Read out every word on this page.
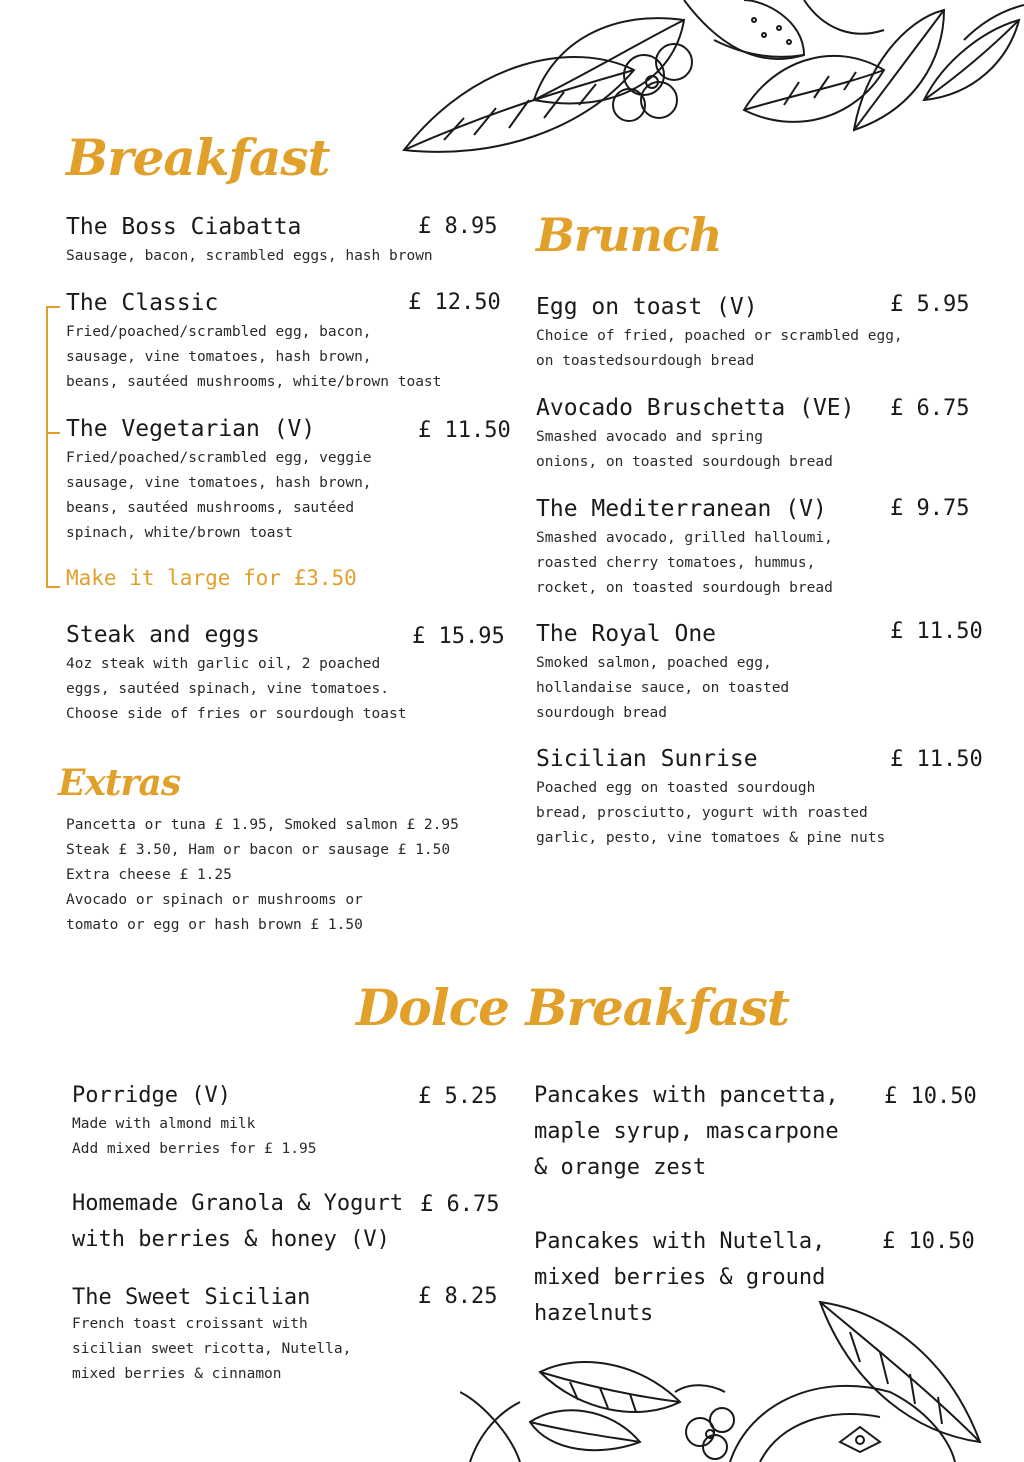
Breakfast
The Boss Ciabatta	£ 8.95
Sausage, bacon, scrambled eggs, hash brown
The Classic	£ 12.50
Fried/poached/scrambled egg, bacon,
sausage, vine tomatoes, hash brown,
beans, sautéed mushrooms, white/brown toast
The Vegetarian (V)	£ 11.50
Fried/poached/scrambled egg, veggie
sausage, vine tomatoes, hash brown,
beans, sautéed mushrooms, sautéed
spinach, white/brown toast
Make it large for £3.50
Steak and eggs	£ 15.95
4oz steak with garlic oil, 2 poached
eggs, sautéed spinach, vine tomatoes.
Choose side of fries or sourdough toast
Extras
Pancetta or tuna £ 1.95, Smoked salmon £ 2.95
Steak £ 3.50, Ham or bacon or sausage £ 1.50
Extra cheese £ 1.25
Avocado or spinach or mushrooms or
tomato or egg or hash brown £ 1.50
Brunch
Egg on toast (V)	£ 5.95
Choice of fried, poached or scrambled egg,
on toastedsourdough bread
Avocado Bruschetta (VE) £ 6.75
Smashed avocado and spring
onions, on toasted sourdough bread
The Mediterranean (V)	£ 9.75
Smashed avocado, grilled halloumi,
roasted cherry tomatoes, hummus,
rocket, on toasted sourdough bread
The Royal One	£ 11.50
Smoked salmon, poached egg,
hollandaise sauce, on toasted
sourdough bread
Sicilian Sunrise	£ 11.50
Poached egg on toasted sourdough
bread, prosciutto, yogurt with roasted
garlic, pesto, vine tomatoes & pine nuts
Dolce Breakfast
Porridge (V)	£ 5.25
Made with almond milk
Add mixed berries for £ 1.95
Homemade Granola & Yogurt
with berries & honey (V)
£ 6.75
The Sweet Sicilian	£ 8.25
French toast croissant with
sicilian sweet ricotta, Nutella,
mixed berries & cinnamon
Pancakes with pancetta,
maple syrup, mascarpone
& orange zest
£ 10.50
Pancakes with Nutella,
mixed berries & ground
hazelnuts
£ 10.50
